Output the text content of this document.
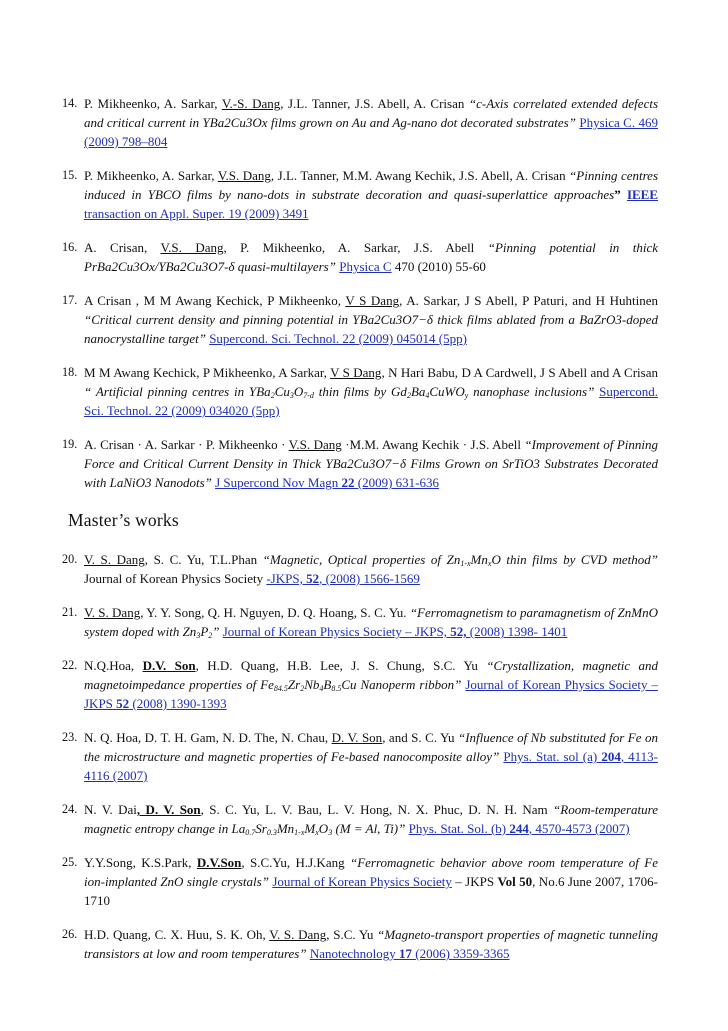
14. P. Mikheenko, A. Sarkar, V.-S. Dang, J.L. Tanner, J.S. Abell, A. Crisan “c-Axis correlated extended defects and critical current in YBa2Cu3Ox films grown on Au and Ag-nano dot decorated substrates” Physica C. 469 (2009) 798–804
15. P. Mikheenko, A. Sarkar, V.S. Dang, J.L. Tanner, M.M. Awang Kechik, J.S. Abell, A. Crisan “Pinning centres induced in YBCO films by nano-dots in substrate decoration and quasi-superlattice approaches” IEEE transaction on Appl. Super. 19 (2009) 3491
16. A. Crisan, V.S. Dang, P. Mikheenko, A. Sarkar, J.S. Abell “Pinning potential in thick PrBa2Cu3Ox/YBa2Cu3O7-δ quasi-multilayers” Physica C 470 (2010) 55-60
17. A Crisan , M M Awang Kechick, P Mikheenko, V S Dang, A. Sarkar, J S Abell, P Paturi, and H Huhtinen “Critical current density and pinning potential in YBa2Cu3O7−δ thick films ablated from a BaZrO3-doped nanocrystalline target” Supercond. Sci. Technol. 22 (2009) 045014 (5pp)
18. M M Awang Kechick, P Mikheenko, A Sarkar, V S Dang, N Hari Babu, D A Cardwell, J S Abell and A Crisan “ Artificial pinning centres in YBa2Cu3O7-d thin films by Gd2Ba4CuWOy nanophase inclusions” Supercond. Sci. Technol. 22 (2009) 034020 (5pp)
19. A. Crisan · A. Sarkar · P. Mikheenko · V.S. Dang ·M.M. Awang Kechik · J.S. Abell “Improvement of Pinning Force and Critical Current Density in Thick YBa2Cu3O7−δ Films Grown on SrTiO3 Substrates Decorated with LaNiO3 Nanodots” J Supercond Nov Magn 22 (2009) 631-636
Master’s works
20. V. S. Dang, S. C. Yu, T.L.Phan “Magnetic, Optical properties of Zn1-xMnxO thin films by CVD method” Journal of Korean Physics Society -JKPS, 52, (2008) 1566-1569
21. V. S. Dang, Y. Y. Song, Q. H. Nguyen, D. Q. Hoang, S. C. Yu. “Ferromagnetism to paramagnetism of ZnMnO system doped with Zn3P2” Journal of Korean Physics Society – JKPS, 52, (2008) 1398- 1401
22. N.Q.Hoa, D.V. Son, H.D. Quang, H.B. Lee, J. S. Chung, S.C. Yu “Crystallization, magnetic and magnetoimpedance properties of Fe84.5Zr2Nb4B8.5Cu Nanoperm ribbon” Journal of Korean Physics Society – JKPS 52 (2008) 1390-1393
23. N. Q. Hoa, D. T. H. Gam, N. D. The, N. Chau, D. V. Son, and S. C. Yu “Influence of Nb substituted for Fe on the microstructure and magnetic properties of Fe-based nanocomposite alloy” Phys. Stat. sol (a) 204, 4113-4116 (2007)
24. N. V. Dai, D. V. Son, S. C. Yu, L. V. Bau, L. V. Hong, N. X. Phuc, D. N. H. Nam “Room-temperature magnetic entropy change in La0.7Sr0.3Mn1-xMxO3 (M = Al, Ti)” Phys. Stat. Sol. (b) 244, 4570-4573 (2007)
25. Y.Y.Song, K.S.Park, D.V.Son, S.C.Yu, H.J.Kang “Ferromagnetic behavior above room temperature of Fe ion-implanted ZnO single crystals” Journal of Korean Physics Society – JKPS Vol 50, No.6 June 2007, 1706-1710
26. H.D. Quang, C. X. Huu, S. K. Oh, V. S. Dang, S.C. Yu “Magneto-transport properties of magnetic tunneling transistors at low and room temperatures” Nanotechnology 17 (2006) 3359-3365
